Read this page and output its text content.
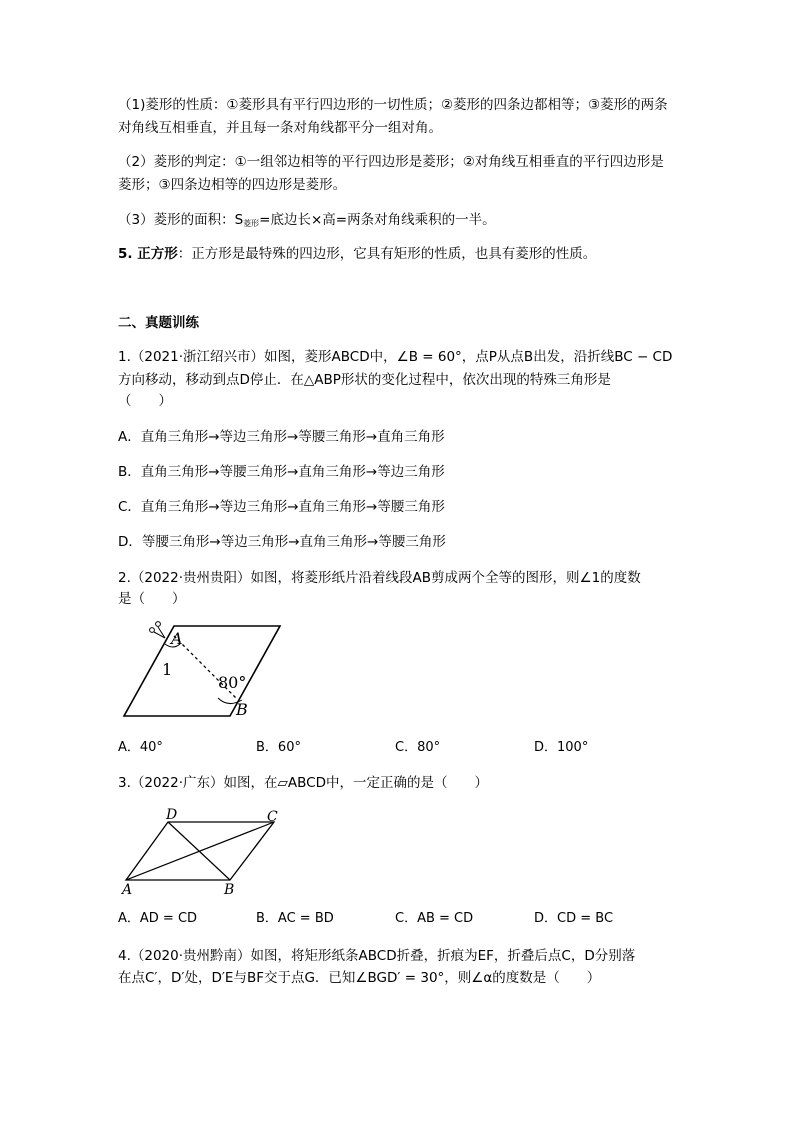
（1)菱形的性质：①菱形具有平行四边形的一切性质；②菱形的四条边都相等；③菱形的两条
对角线互相垂直，并且每一条对角线都平分一组对角。
（2）菱形的判定：①一组邻边相等的平行四边形是菱形；②对角线互相垂直的平行四边形是
菱形；③四条边相等的四边形是菱形。
（3）菱形的面积：$S_{菱形}=$底边长×高=两条对角线乘积的一半。
5. 正方形：正方形是最特殊的四边形，它具有矩形的性质，也具有菱形的性质。
二、真题训练
1.（2021·浙江绍兴市）如图，菱形ABCD中，∠B = 60°，点P从点B出发，沿折线BC − CD
方向移动，移动到点D停止．在△ABP形状的变化过程中，依次出现的特殊三角形是
（　　）
A．直角三角形→等边三角形→等腰三角形→直角三角形
B．直角三角形→等腰三角形→直角三角形→等边三角形
C．直角三角形→等边三角形→直角三角形→等腰三角形
D．等腰三角形→等边三角形→直角三角形→等腰三角形
2.（2022·贵州贵阳）如图，将菱形纸片沿着线段AB剪成两个全等的图形，则∠1的度数
是（　　）
A
1
80°
B
A．40°	B．60°	C．80°	D．100°
3.（2022·广东）如图，在▱ABCD中，一定正确的是（　　）
D	C
A	B
A．AD = CD	B．AC = BD	C．AB = CD	D．CD = BC
4.（2020·贵州黔南）如图，将矩形纸条ABCD折叠，折痕为EF，折叠后点C，D分别落
在点C′，D′处，D′E与BF交于点G．已知∠BGD′ = 30°，则∠α的度数是（　　）
